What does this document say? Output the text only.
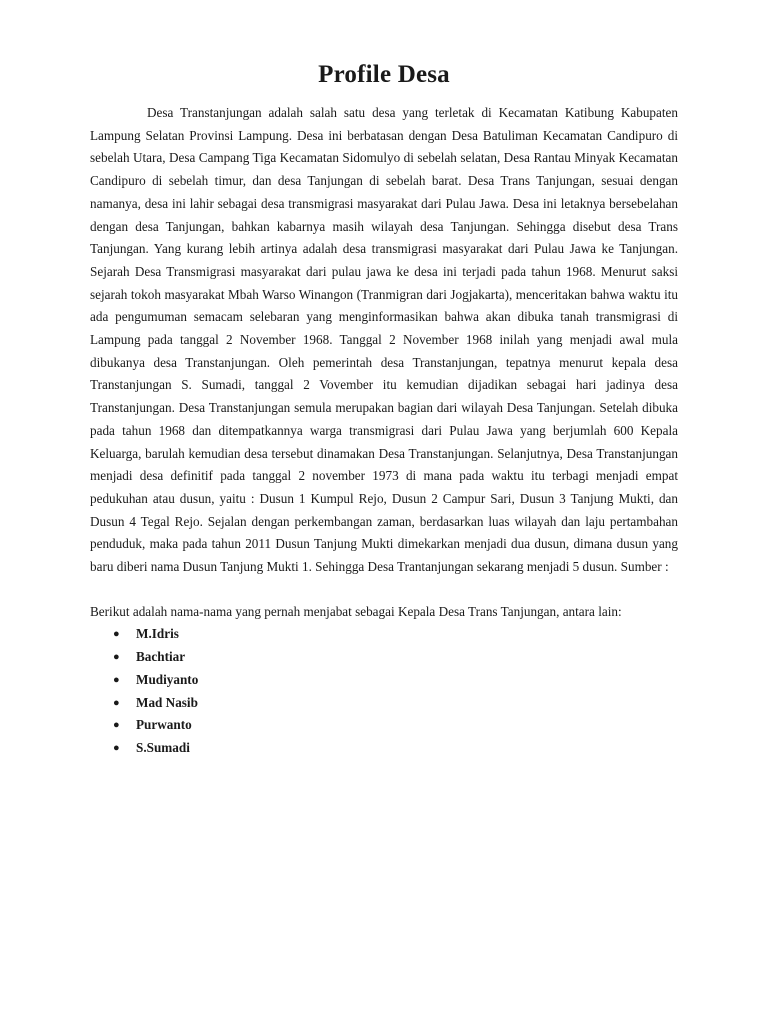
Profile Desa

Desa Transtanjungan adalah salah satu desa yang terletak di Kecamatan Katibung Kabupaten Lampung Selatan Provinsi Lampung. Desa ini berbatasan dengan Desa Batuliman Kecamatan Candipuro di sebelah Utara, Desa Campang Tiga Kecamatan Sidomulyo di sebelah selatan, Desa Rantau Minyak Kecamatan Candipuro di sebelah timur, dan desa Tanjungan di sebelah barat. Desa Trans Tanjungan, sesuai dengan namanya, desa ini lahir sebagai desa transmigrasi masyarakat dari Pulau Jawa. Desa ini letaknya bersebelahan dengan desa Tanjungan, bahkan kabarnya masih wilayah desa Tanjungan. Sehingga disebut desa Trans Tanjungan. Yang kurang lebih artinya adalah desa transmigrasi masyarakat dari Pulau Jawa ke Tanjungan. Sejarah Desa Transmigrasi masyarakat dari pulau jawa ke desa ini terjadi pada tahun 1968. Menurut saksi sejarah tokoh masyarakat Mbah Warso Winangon (Tranmigran dari Jogjakarta), menceritakan bahwa waktu itu ada pengumuman semacam selebaran yang menginformasikan bahwa akan dibuka tanah transmigrasi di Lampung pada tanggal 2 November 1968. Tanggal 2 November 1968 inilah yang menjadi awal mula dibukanya desa Transtanjungan. Oleh pemerintah desa Transtanjungan, tepatnya menurut kepala desa Transtanjungan S. Sumadi, tanggal 2 Vovember itu kemudian dijadikan sebagai hari jadinya desa Transtanjungan. Desa Transtanjungan semula merupakan bagian dari wilayah Desa Tanjungan. Setelah dibuka pada tahun 1968 dan ditempatkannya warga transmigrasi dari Pulau Jawa yang berjumlah 600 Kepala Keluarga, barulah kemudian desa tersebut dinamakan Desa Transtanjungan. Selanjutnya, Desa Transtanjungan menjadi desa definitif pada tanggal 2 november 1973 di mana pada waktu itu terbagi menjadi empat pedukuhan atau dusun, yaitu : Dusun 1 Kumpul Rejo, Dusun 2 Campur Sari, Dusun 3 Tanjung Mukti, dan Dusun 4 Tegal Rejo. Sejalan dengan perkembangan zaman, berdasarkan luas wilayah dan laju pertambahan penduduk, maka pada tahun 2011 Dusun Tanjung Mukti dimekarkan menjadi dua dusun, dimana dusun yang baru diberi nama Dusun Tanjung Mukti 1. Sehingga Desa Trantanjungan sekarang menjadi 5 dusun. Sumber :

Berikut adalah nama-nama yang pernah menjabat sebagai Kepala Desa Trans Tanjungan, antara lain:

● M.Idris
● Bachtiar
● Mudiyanto
● Mad Nasib
● Purwanto
● S.Sumadi
